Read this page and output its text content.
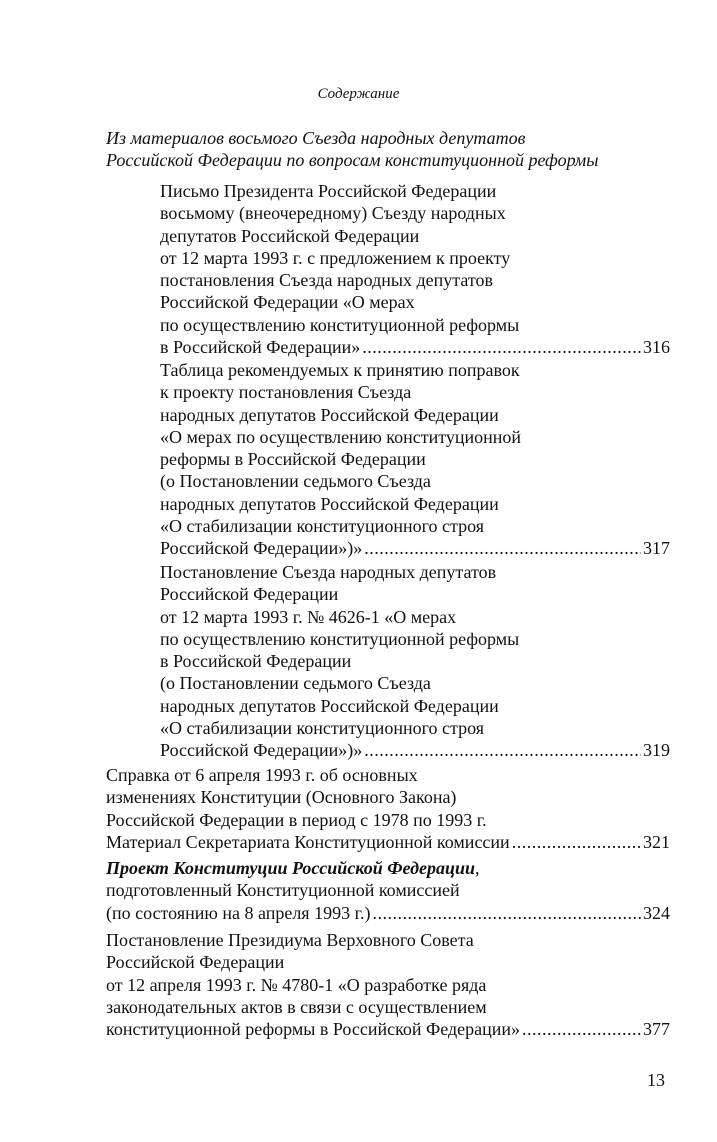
Содержание
Из материалов восьмого Съезда народных депутатов
Российской Федерации по вопросам конституционной реформы
Письмо Президента Российской Федерации
восьмому (внеочередному) Съезду народных
депутатов Российской Федерации
от 12 марта 1993 г. с предложением к проекту
постановления Съезда народных депутатов
Российской Федерации «О мерах
по осуществлению конституционной реформы
в Российской Федерации» .....	316
Таблица рекомендуемых к принятию поправок
к проекту постановления Съезда
народных депутатов Российской Федерации
«О мерах по осуществлению конституционной
реформы в Российской Федерации
(о Постановлении седьмого Съезда
народных депутатов Российской Федерации
«О стабилизации конституционного строя
Российской Федерации»)» .....	317
Постановление Съезда народных депутатов
Российской Федерации
от 12 марта 1993 г. № 4626-1 «О мерах
по осуществлению конституционной реформы
в Российской Федерации
(о Постановлении седьмого Съезда
народных депутатов Российской Федерации
«О стабилизации конституционного строя
Российской Федерации»)» .....	319
Справка от 6 апреля 1993 г. об основных
изменениях Конституции (Основного Закона)
Российской Федерации в период с 1978 по 1993 г.
Материал Секретариата Конституционной комиссии .....	321
Проект Конституции Российской Федерации,
подготовленный Конституционной комиссией
(по состоянию на 8 апреля 1993 г.) .....	324
Постановление Президиума Верховного Совета
Российской Федерации
от 12 апреля 1993 г. № 4780-1 «О разработке ряда
законодательных актов в связи с осуществлением
конституционной реформы в Российской Федерации» .....	377
13
